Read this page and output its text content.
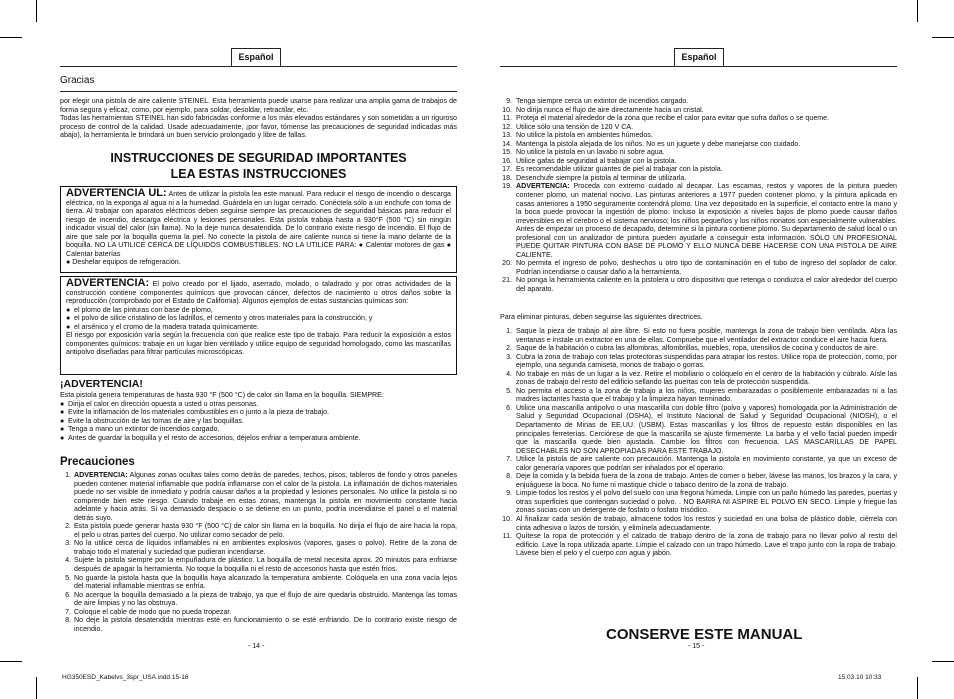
Español	Español
Gracias
por elegir una pistola de aire caliente STEINEL. Esta herramienta puede usarse para realizar una amplia gama de trabajos de forma segura y eficaz, como, por ejemplo, para soldar, desoldar, retractilar, etc.
Todas las herramientas STEINEL han sido fabricadas conforme a los más elevados estándares y son sometidas a un riguroso proceso de control de la calidad. Usade adecuadamente, ¡por favor, tómense las precauciones de seguridad indicadas más abajo), la herramienta le brindará un buen servicio prolongado y libre de fallas.
INSTRUCCIONES DE SEGURIDAD IMPORTANTES
LEA ESTAS INSTRUCCIONES
ADVERTENCIA UL: Antes de utilizar la pistola lea este manual. Para reducir el riesgo de incendio o descarga eléctrica, no la exponga al agua ni a la humedad. Guárdela en un lugar cerrado. Conéctela sólo a un enchufe con toma de tierra. Al trabajar con aparatos eléctricos deben seguirse siempre las precauciones de seguridad básicas para reducir el riesgo de incendio, descarga eléctrica y lesiones personales. Esta pistola trabaja hasta a 930°F (500 °C) sin ningún indicador visual del calor (sin llama). No la deje nunca desatendida. De lo contrario existe riesgo de incendio. El flujo de aire que sale por la boquilla quema la piel. No conecte la pistola de aire caliente nunca si tiene la mano delante de la boquilla. NO LA UTILICE CERCA DE LÍQUIDOS COMBUSTIBLES. NO LA UTILICE PARA: ● Calentar motores de gas ● Calentar baterías
● Deshelar equipos de refrigeración.
ADVERTENCIA: El polvo creado por el lijado, aserrado, molado, o taladrado y por otras actividades de la construcción contiene componentes químicos que provocan cáncer, defectos de nacimiento u otros daños sobre la reproducción (comprobado por el Estado de California). Algunos ejemplos de estas sustancias químicas son:
● el plomo de las pinturas con base de plomo,
● el polvo de silice cristalino de los ladrillos, el cemento y otros materiales para la construcción, y
● el arsénico y el cromo de la madera tratada químicamente.
El riesgo por exposición varía según la frecuencia con que realice este tipo de trabajo. Para reducir la exposición a estos componentes químicos: trabaje en un lugar bien ventilado y utilice equipo de seguridad homologado, como las mascarillas antipolvo diseñadas para filtrar partículas microscópicas.
¡ADVERTENCIA!
Esta pistola genera temperaturas de hasta 930 °F (500 °C) de calor sin llama en la boquilla. SIEMPRE:
● Dirija el calor en dirección opuesta a usted u otras personas.
● Evite la inflamación de los materiales combustibles en o junto a la pieza de trabajo.
● Evite la obstrucción de las tomas de aire y las boquillas.
● Tenga a mano un extintor de incendios cargado.
● Antes de guardar la boquilla y el resto de accesorios, déjelos enfriar a temperatura ambiente.
Precauciones
1. ADVERTENCIA: Algunas zonas ocultas tales como detrás de paredes, techos, pisos, tableros de fondo y otros paneles pueden contener material inflamable que podría inflamarse con el calor de la pistola. La inflamación de dichos materiales puede no ser visible de inmediato y podría causar daños a la propiedad y lesiones personales. No utilice la pistola si no comprende bien este riesgo. Cuando trabaje en estas zonas, mantenga la pistola en movimiento constante hacia adelante y hacia atrás. Si va demasiado despacio o se detiene en un punto, podría incendiarse el panel o el material detrás suyo.
2. Esta pistola puede generar hasta 930 °F (500 °C) de calor sin llama en la boquilla. No dirija el flujo de aire hacia la ropa, el pelo u otras partes del cuerpo. No utilizar como secador de pelo.
3. No la utilice cerca de líquidos inflamables ni en ambientes explosivos (vapores, gases o polvo). Retire de la zona de trabajo todo el material y suciedad que pudieran incendiarse.
4. Sujete la pistola siempre por la empuñadura de plástico. La boquilla de metal necesita aprox. 20 minutos para enfriarse después de apagar la herramienta. No toque la boquilla ni el resto de accesorios hasta que estén fríos.
5. No guarde la pistola hasta que la boquilla haya alcanzado la temperatura ambiente. Colóquela en una zona vacía lejos del material inflamable mientras se enfría.
6. No acerque la boquilla demasiado a la pieza de trabajo, ya que el flujo de aire quedaría obstruido. Mantenga las tomas de aire limpias y no las obstruya.
7. Coloque el cable de modo que no pueda tropezar.
8. No deje la pistola desatendida mientras esté en funcionamiento o se esté enfriando. De lo contrario existe riesgo de incendio.
- 14 -
9. Tenga siempre cerca un extintor de incendios cargado.
10. No dirija nunca el flujo de aire directamente hacia un cristal.
11. Proteja el material alrededor de la zona que recibe el calor para evitar que sufra daños o se queme.
12. Utilice sólo una tensión de 120 V CA.
13. No utilice la pistola en ambientes húmedos.
14. Mantenga la pistola alejada de los niños. No es un juguete y debe manejarse con cuidado.
15. No utilice la pistola en un lavabo ni sobre agua.
16. Utilice gafas de seguridad al trabajar con la pistola.
17. Es recomendable utilizar guantes de piel al trabajar con la pistola.
18. Desenchufe siempre la pistola al terminar de utilizarla.
19. ADVERTENCIA: Proceda con extremo cuidado al decapar. Las escamas, restos y vapores de la pintura pueden contener plomo, un material nocivo. Las pinturas anteriores a 1977 pueden contener plomo, y la pintura aplicada en casas anteriores a 1950 seguramente contendrá plomo. Una vez depositado en la superficie, el contacto entre la mano y la boca puede provocar la ingestión de plomo. Incluso la exposición a niveles bajos de plomo puede causar daños irreversibles en el cerebro o el sistema nervioso; los niños pequeños y los niños nonatos son especialmente vulnerables. Antes de empezar un proceso de decapado, determine si la pintura contiene plomo. Su departamento de salud local o un profesional con un analizador de pintura pueden ayudarle a conseguir esta información. SÓLO UN PROFESIONAL PUEDE QUITAR PINTURA CON BASE DE PLOMO Y ELLO NUNCA DEBE HACERSE CON UNA PISTOLA DE AIRE CALIENTE.
20. No permita el ingreso de polvo, deshechos u otro tipo de contaminación en el tubo de ingreso del soplador de calor. Podrían incendiarse o causar daño a la herramienta.
21. No ponga la herramienta caliente en la pistolera u otro dispositivo que retenga o conduzca el calor alrededor del cuerpo del aparato.
Para eliminar pinturas, deben seguirse las siguientes directrices.
1. Saque la pieza de trabajo al aire libre. Si esto no fuera posible, mantenga la zona de trabajo bien ventilada. Abra las ventanas e instale un extractor en una de ellas. Compruebe que el ventilador del extractor conduce el aire hacia fuera.
2. Saque de la habitación o cubra las alfombras, alfombrillas, muebles, ropa, utensilios de cocina y conductos de aire.
3. Cubra la zona de trabajo con telas protectoras suspendidas para atrapar los restos. Utilice ropa de protección, como, por ejemplo, una segunda camiseta, monos de trabajo o gorras.
4. No trabaje en más de un lugar a la vez. Retire el mobiliario o colóquelo en el centro de la habitación y cúbralo. Aísle las zonas de trabajo del resto del edificio sellando las puertas con tela de protección suspendida.
5. No permita el acceso a la zona de trabajo a los niños, mujeres embarazadas o posiblemente embarazadas ni a las madres lactantes hasta que el trabajo y la limpieza hayan terminado.
6. Utilice una mascarilla antipolvo o una mascarilla con doble filtro (polvo y vapores) homologada por la Administración de Salud y Seguridad Ocupacional (OSHA), el Instituto Nacional de Salud y Seguridad Ocupacional (NIOSH), o el Departamento de Minas de EE.UU. (USBM). Estas mascarillas y los filtros de repuesto están disponibles en las principales ferreterías. Cerciórese de que la mascarilla se ajuste firmemente. La barba y el vello facial pueden impedir que la mascarilla quede bien ajustada. Cambie los filtros con frecuencia. LAS MASCARILLAS DE PAPEL DESECHABLES NO SON APROPIADAS PARA ESTE TRABAJO.
7. Utilice la pistola de aire caliente con precaución. Mantenga la pistola en movimiento constante, ya que un exceso de calor generaría vapores que podrían ser inhalados por el operario.
8. Deje la comida y la bebida fuera de la zona de trabajo. Antes de comer o beber, lávese las manos, los brazos y la cara, y enjuáguese la boca. No fume ni mastique chicle o tabaco dentro de la zona de trabajo.
9. Limpie todos los restos y el polvo del suelo con una fregona húmeda. Limpie con un paño húmedo las paredes, puertas y otras superficies que contengan suciedad o polvo. . NO BARRA NI ASPIRE EL POLVO EN SECO. Limpie y friegue las zonas sucias con un detergente de fosfato o fosfato trisódico.
10. Al finalizar cada sesión de trabajo, almacene todos los restos y suciedad en una bolsa de plástico doble, ciérrela con cinta adhesiva o lazos de torsión, y elimínela adecuadamente.
11. Quítese la ropa de protección y el calzado de trabajo dentro de la zona de trabajo para no llevar polvo al resto del edificio. Lave la ropa utilizada aparte. Limpie el calzado con un trapo húmedo. Lave el trapo junto con la ropa de trabajo. Lávese bien el pelo y el cuerpo con agua y jabón.
CONSERVE ESTE MANUAL
- 15 -
HG350ESD_Kabelvs_3spr_USA.indd 15-16	15.03.10 10:33
